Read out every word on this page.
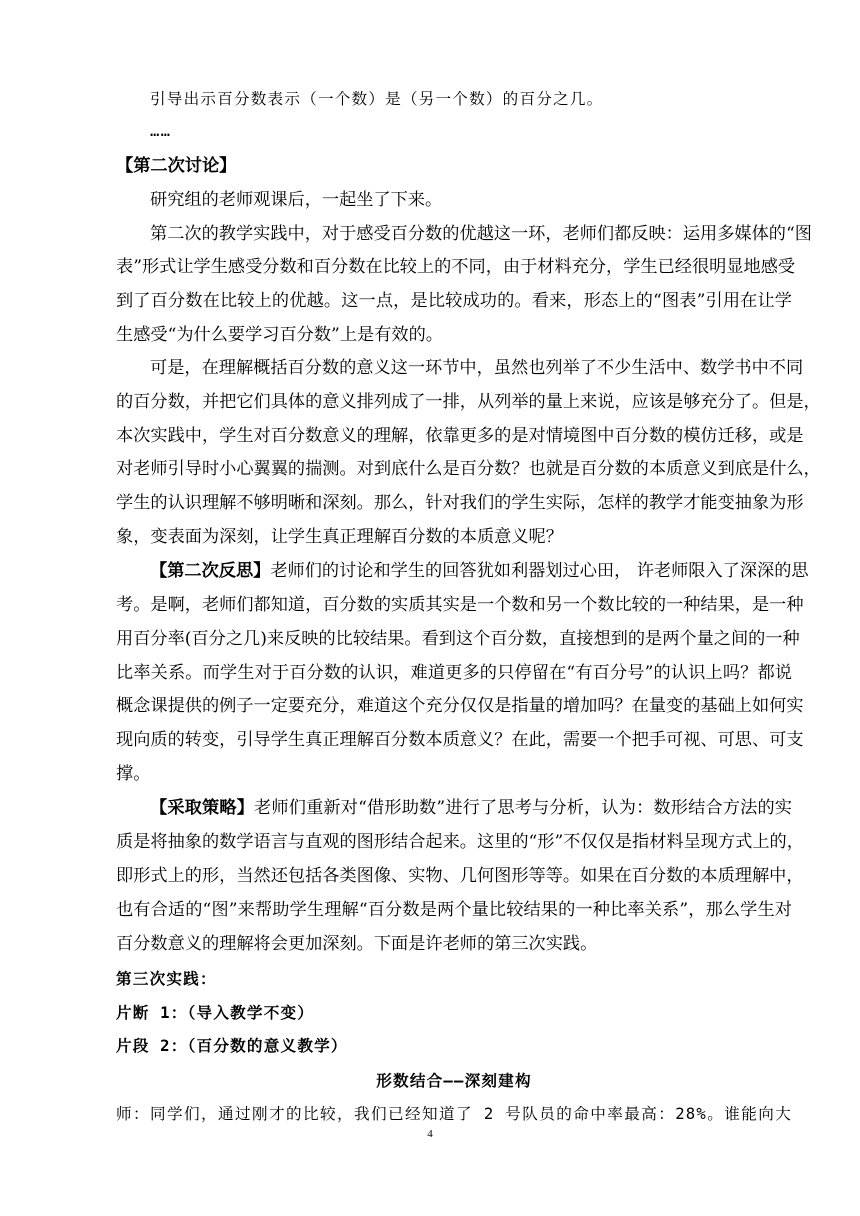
引导出示百分数表示（一个数）是（另一个数）的百分之几。
……
【第二次讨论】
研究组的老师观课后，一起坐了下来。
第二次的教学实践中，对于感受百分数的优越这一环，老师们都反映：运用多媒体的“图
表”形式让学生感受分数和百分数在比较上的不同，由于材料充分，学生已经很明显地感受
到了百分数在比较上的优越。这一点，是比较成功的。看来，形态上的“图表”引用在让学
生感受“为什么要学习百分数”上是有效的。
可是，在理解概括百分数的意义这一环节中，虽然也列举了不少生活中、数学书中不同
的百分数，并把它们具体的意义排列成了一排，从列举的量上来说，应该是够充分了。但是，
本次实践中，学生对百分数意义的理解，依靠更多的是对情境图中百分数的模仿迁移，或是
对老师引导时小心翼翼的揣测。对到底什么是百分数？也就是百分数的本质意义到底是什么，
学生的认识理解不够明晰和深刻。那么，针对我们的学生实际，怎样的教学才能变抽象为形
象，变表面为深刻，让学生真正理解百分数的本质意义呢？
【第二次反思】老师们的讨论和学生的回答犹如利器划过心田， 许老师限入了深深的思
考。是啊，老师们都知道，百分数的实质其实是一个数和另一个数比较的一种结果，是一种
用百分率(百分之几)来反映的比较结果。看到这个百分数，直接想到的是两个量之间的一种
比率关系。而学生对于百分数的认识，难道更多的只停留在“有百分号”的认识上吗？都说
概念课提供的例子一定要充分，难道这个充分仅仅是指量的增加吗？在量变的基础上如何实
现向质的转变，引导学生真正理解百分数本质意义？在此，需要一个把手可视、可思、可支
撑。
【采取策略】老师们重新对“借形助数”进行了思考与分析，认为：数形结合方法的实
质是将抽象的数学语言与直观的图形结合起来。这里的“形”不仅仅是指材料呈现方式上的，
即形式上的形，当然还包括各类图像、实物、几何图形等等。如果在百分数的本质理解中，
也有合适的“图”来帮助学生理解“百分数是两个量比较结果的一种比率关系”，那么学生对
百分数意义的理解将会更加深刻。下面是许老师的第三次实践。
第三次实践：
片断 1：（导入教学不变）
片段 2：（百分数的意义教学）
形数结合——深刻建构
师：同学们，通过刚才的比较，我们已经知道了 2 号队员的命中率最高：28%。谁能向大
4
